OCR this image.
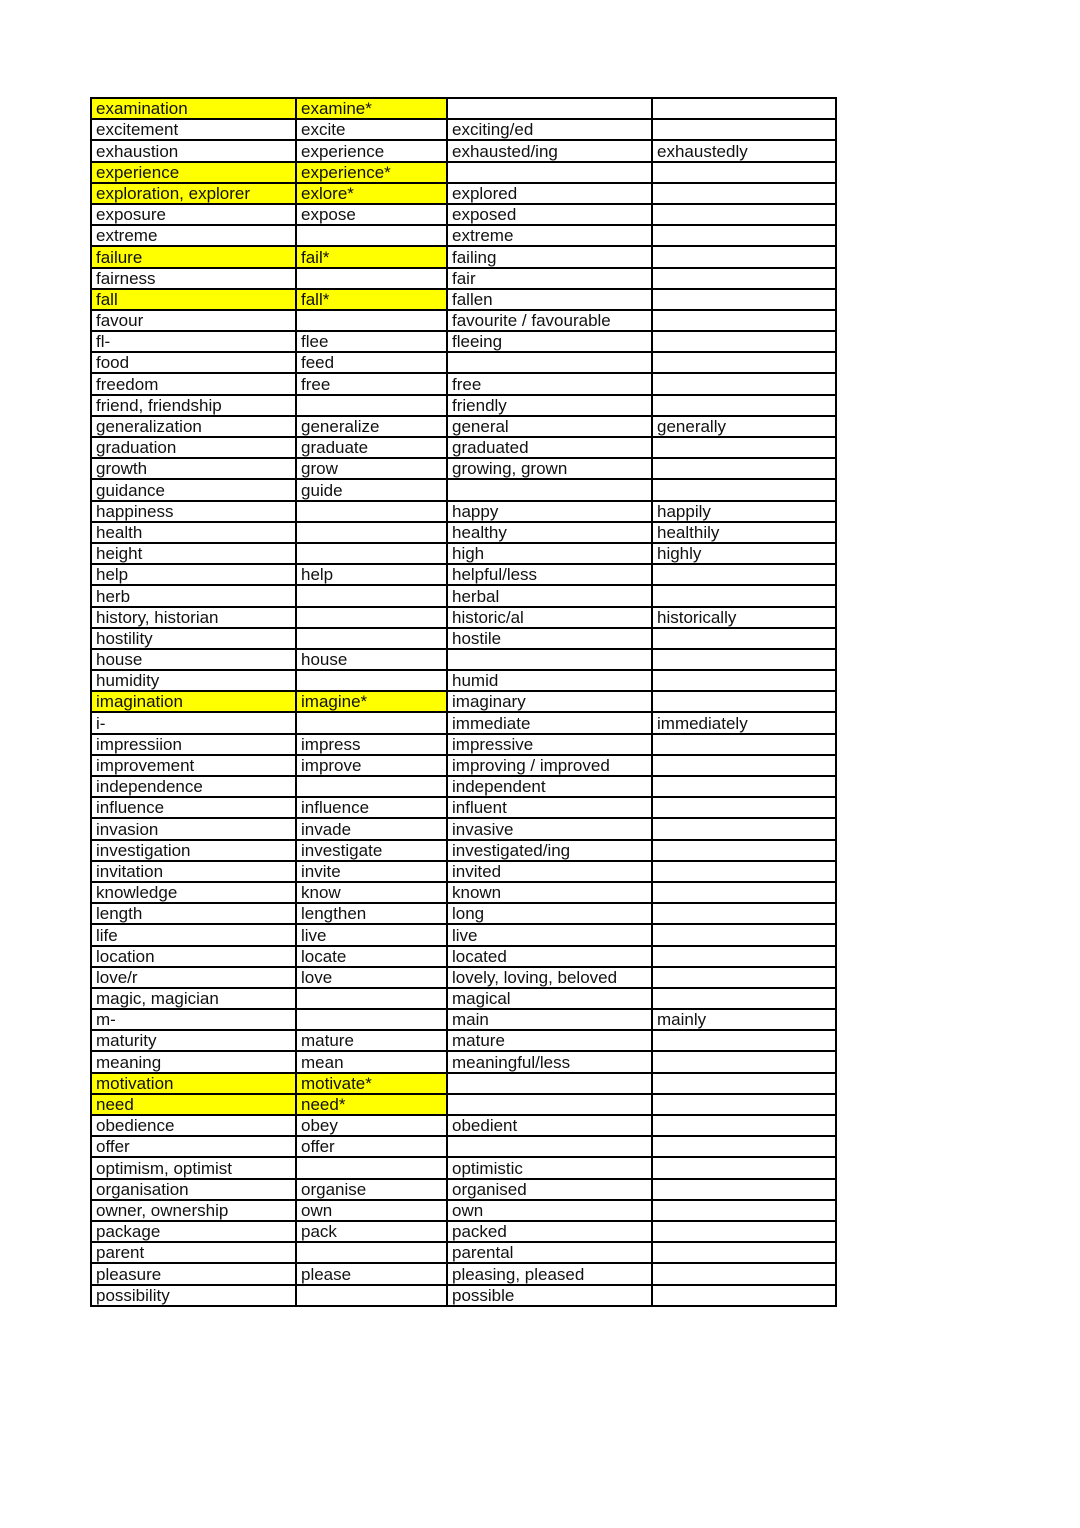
examination	examine*		
excitement	excite	exciting/ed	
exhaustion	experience	exhausted/ing	exhaustedly
experience	experience*		
exploration, explorer	exlore*	explored	
exposure	expose	exposed	
extreme		extreme	
failure	fail*	failing	
fairness		fair	
fall	fall*	fallen	
favour		favourite / favourable	
fl-	flee	fleeing	
food	feed		
freedom	free	free	
friend, friendship		friendly	
generalization	generalize	general	generally
graduation	graduate	graduated	
growth	grow	growing, grown	
guidance	guide		
happiness		happy	happily
health		healthy	healthily
height		high	highly
help	help	helpful/less	
herb		herbal	
history, historian		historic/al	historically
hostility		hostile	
house	house		
humidity		humid	
imagination	imagine*	imaginary	
i-		immediate	immediately
impressiion	impress	impressive	
improvement	improve	improving / improved	
independence		independent	
influence	influence	influent	
invasion	invade	invasive	
investigation	investigate	investigated/ing	
invitation	invite	invited	
knowledge	know	known	
length	lengthen	long	
life	live	live	
location	locate	located	
love/r	love	lovely, loving, beloved	
magic, magician		magical	
m-		main	mainly
maturity	mature	mature	
meaning	mean	meaningful/less	
motivation	motivate*		
need	need*		
obedience	obey	obedient	
offer	offer		
optimism, optimist		optimistic	
organisation	organise	organised	
owner, ownership	own	own	
package	pack	packed	
parent		parental	
pleasure	please	pleasing, pleased	
possibility		possible	
